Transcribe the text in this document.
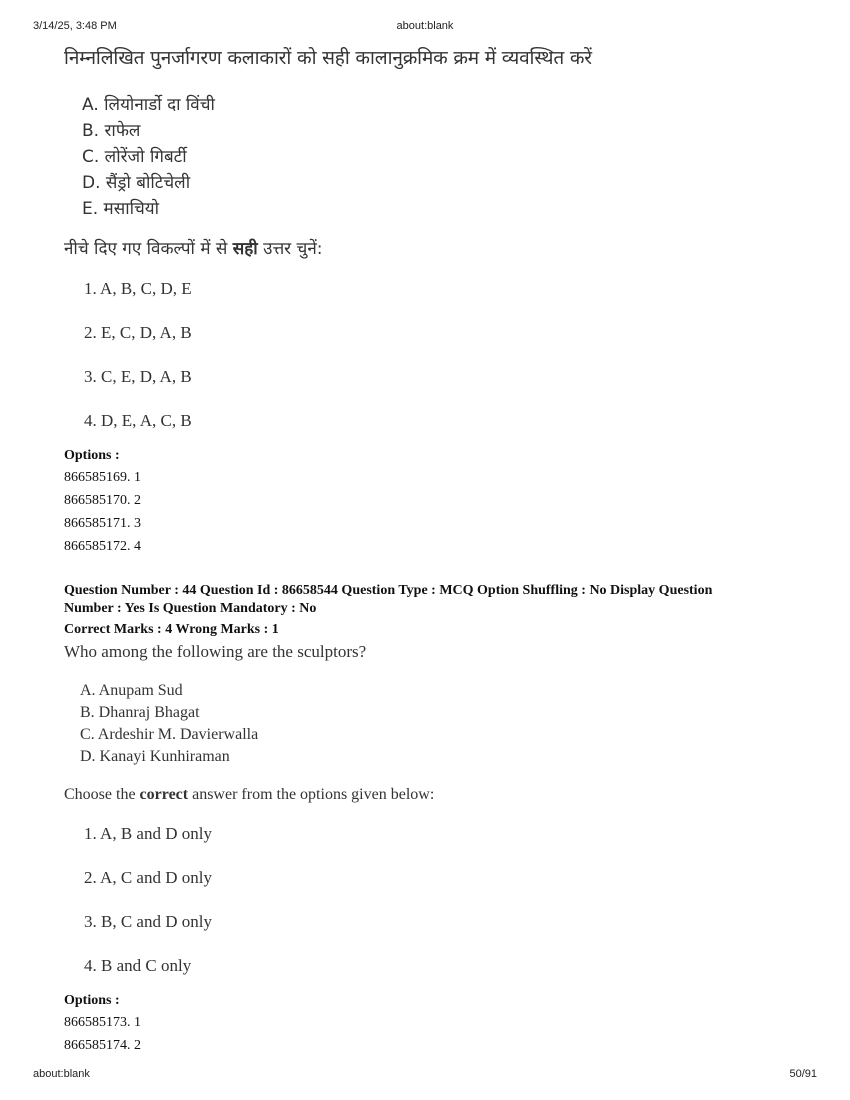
3/14/25, 3:48 PM	about:blank
निम्नलिखित पुनर्जागरण कलाकारों को सही कालानुक्रमिक क्रम में व्यवस्थित करें
A. लियोनार्डो दा विंची
B. राफेल
C. लोरेंजो गिबर्टी
D. सैंड्रो बोटिचेली
E. मसाचियो
नीचे दिए गए विकल्पों में से सही उत्तर चुनें:
1. A, B, C, D, E
2. E, C, D, A, B
3. C, E, D, A, B
4. D, E, A, C, B

Options :

866585169. 1

866585170. 2

866585171. 3

866585172. 4

Question Number : 44 Question Id : 86658544 Question Type : MCQ Option Shuffling : No Display Question

Number : Yes Is Question Mandatory : No

Correct Marks : 4 Wrong Marks : 1

Who among the following are the sculptors?
A. Anupam Sud
B. Dhanraj Bhagat
C. Ardeshir M. Davierwalla
D. Kanayi Kunhiraman
Choose the correct answer from the options given below:
1. A, B and D only
2. A, C and D only
3. B, C and D only
4. B and C only

Options :

866585173. 1

866585174. 2

about:blank	50/91
